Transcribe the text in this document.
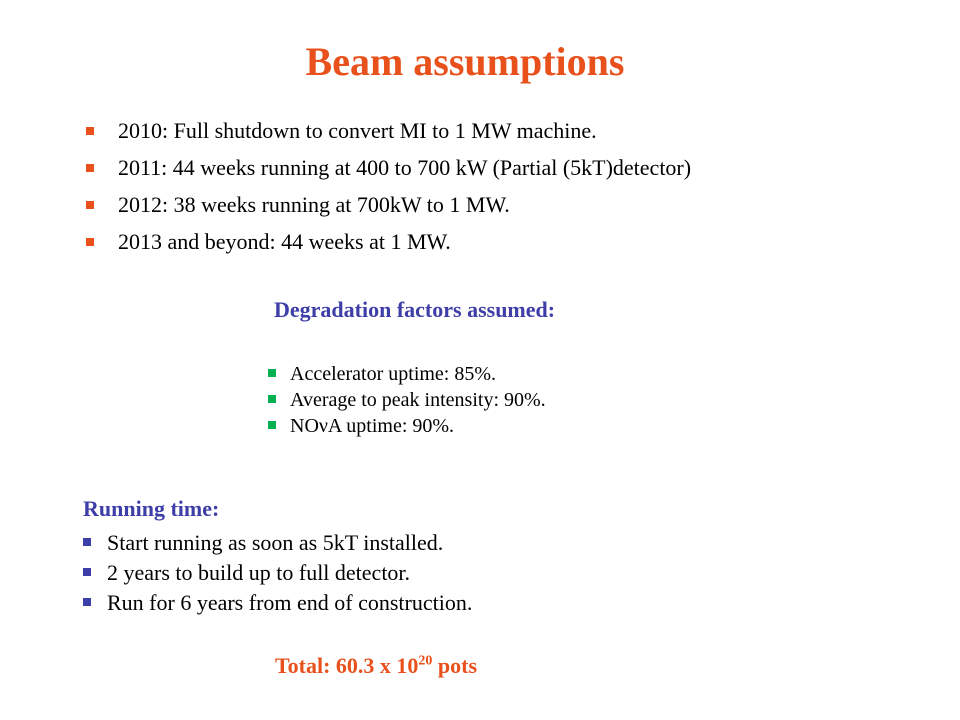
Beam assumptions
2010: Full shutdown to convert MI to 1 MW machine.
2011: 44 weeks running at 400 to 700 kW (Partial (5kT)detector)
2012: 38 weeks running at 700kW to 1 MW.
2013 and beyond: 44 weeks at 1 MW.
Degradation factors assumed:
Accelerator uptime: 85%.
Average to peak intensity: 90%.
NOνA uptime: 90%.
Running time:
Start running as soon as 5kT installed.
2 years to build up to full detector.
Run for 6 years from end of construction.
Total: 60.3 x $10^{20}$ pots
